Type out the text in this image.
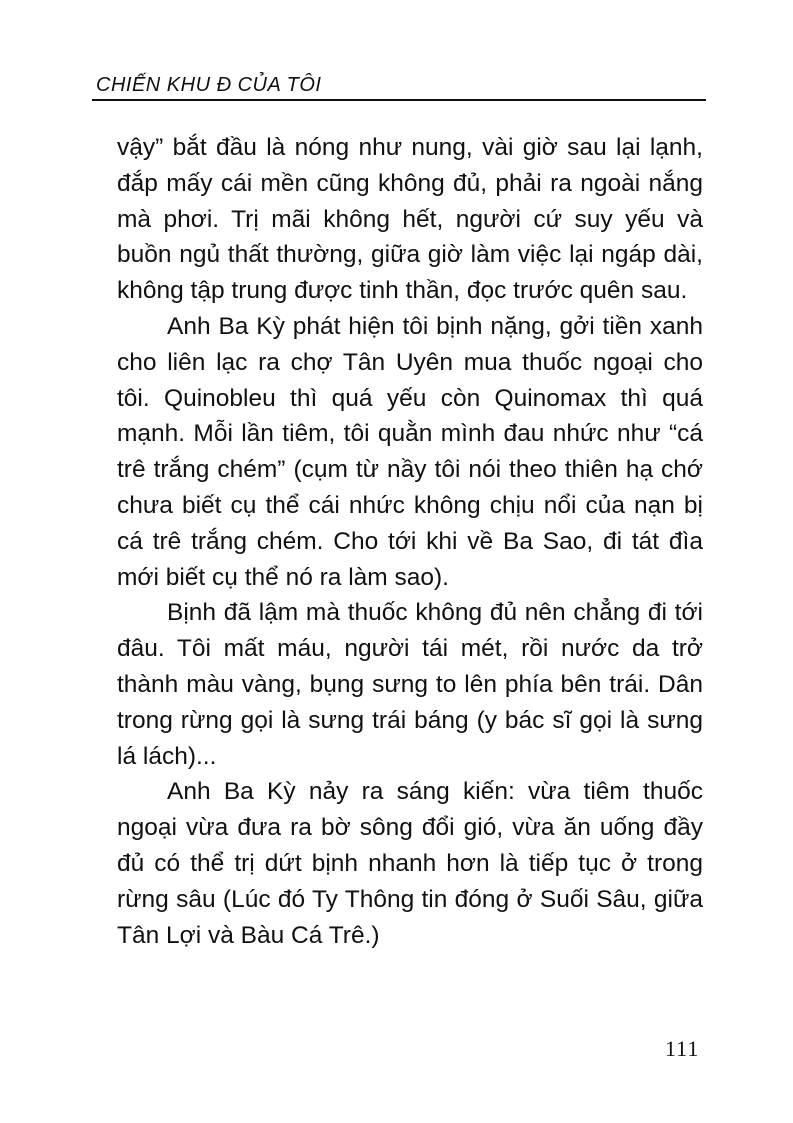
CHIẾN KHU Đ CỦA TÔI

vậy” bắt đầu là nóng như nung, vài giờ sau lại lạnh, đắp mấy cái mền cũng không đủ, phải ra ngoài nắng mà phơi. Trị mãi không hết, người cứ suy yếu và buồn ngủ thất thường, giữa giờ làm việc lại ngáp dài, không tập trung được tinh thần, đọc trước quên sau.

Anh Ba Kỳ phát hiện tôi bịnh nặng, gởi tiền xanh cho liên lạc ra chợ Tân Uyên mua thuốc ngoại cho tôi. Quinobleu thì quá yếu còn Quinomax thì quá mạnh. Mỗi lần tiêm, tôi quằn mình đau nhức như “cá trê trắng chém” (cụm từ nầy tôi nói theo thiên hạ chớ chưa biết cụ thể cái nhức không chịu nổi của nạn bị cá trê trắng chém. Cho tới khi về Ba Sao, đi tát đìa mới biết cụ thể nó ra làm sao).

Bịnh đã lậm mà thuốc không đủ nên chẳng đi tới đâu. Tôi mất máu, người tái mét, rồi nước da trở thành màu vàng, bụng sưng to lên phía bên trái. Dân trong rừng gọi là sưng trái báng (y bác sĩ gọi là sưng lá lách)...

Anh Ba Kỳ nảy ra sáng kiến: vừa tiêm thuốc ngoại vừa đưa ra bờ sông đổi gió, vừa ăn uống đầy đủ có thể trị dứt bịnh nhanh hơn là tiếp tục ở trong rừng sâu (Lúc đó Ty Thông tin đóng ở Suối Sâu, giữa Tân Lợi và Bàu Cá Trê.)

111
